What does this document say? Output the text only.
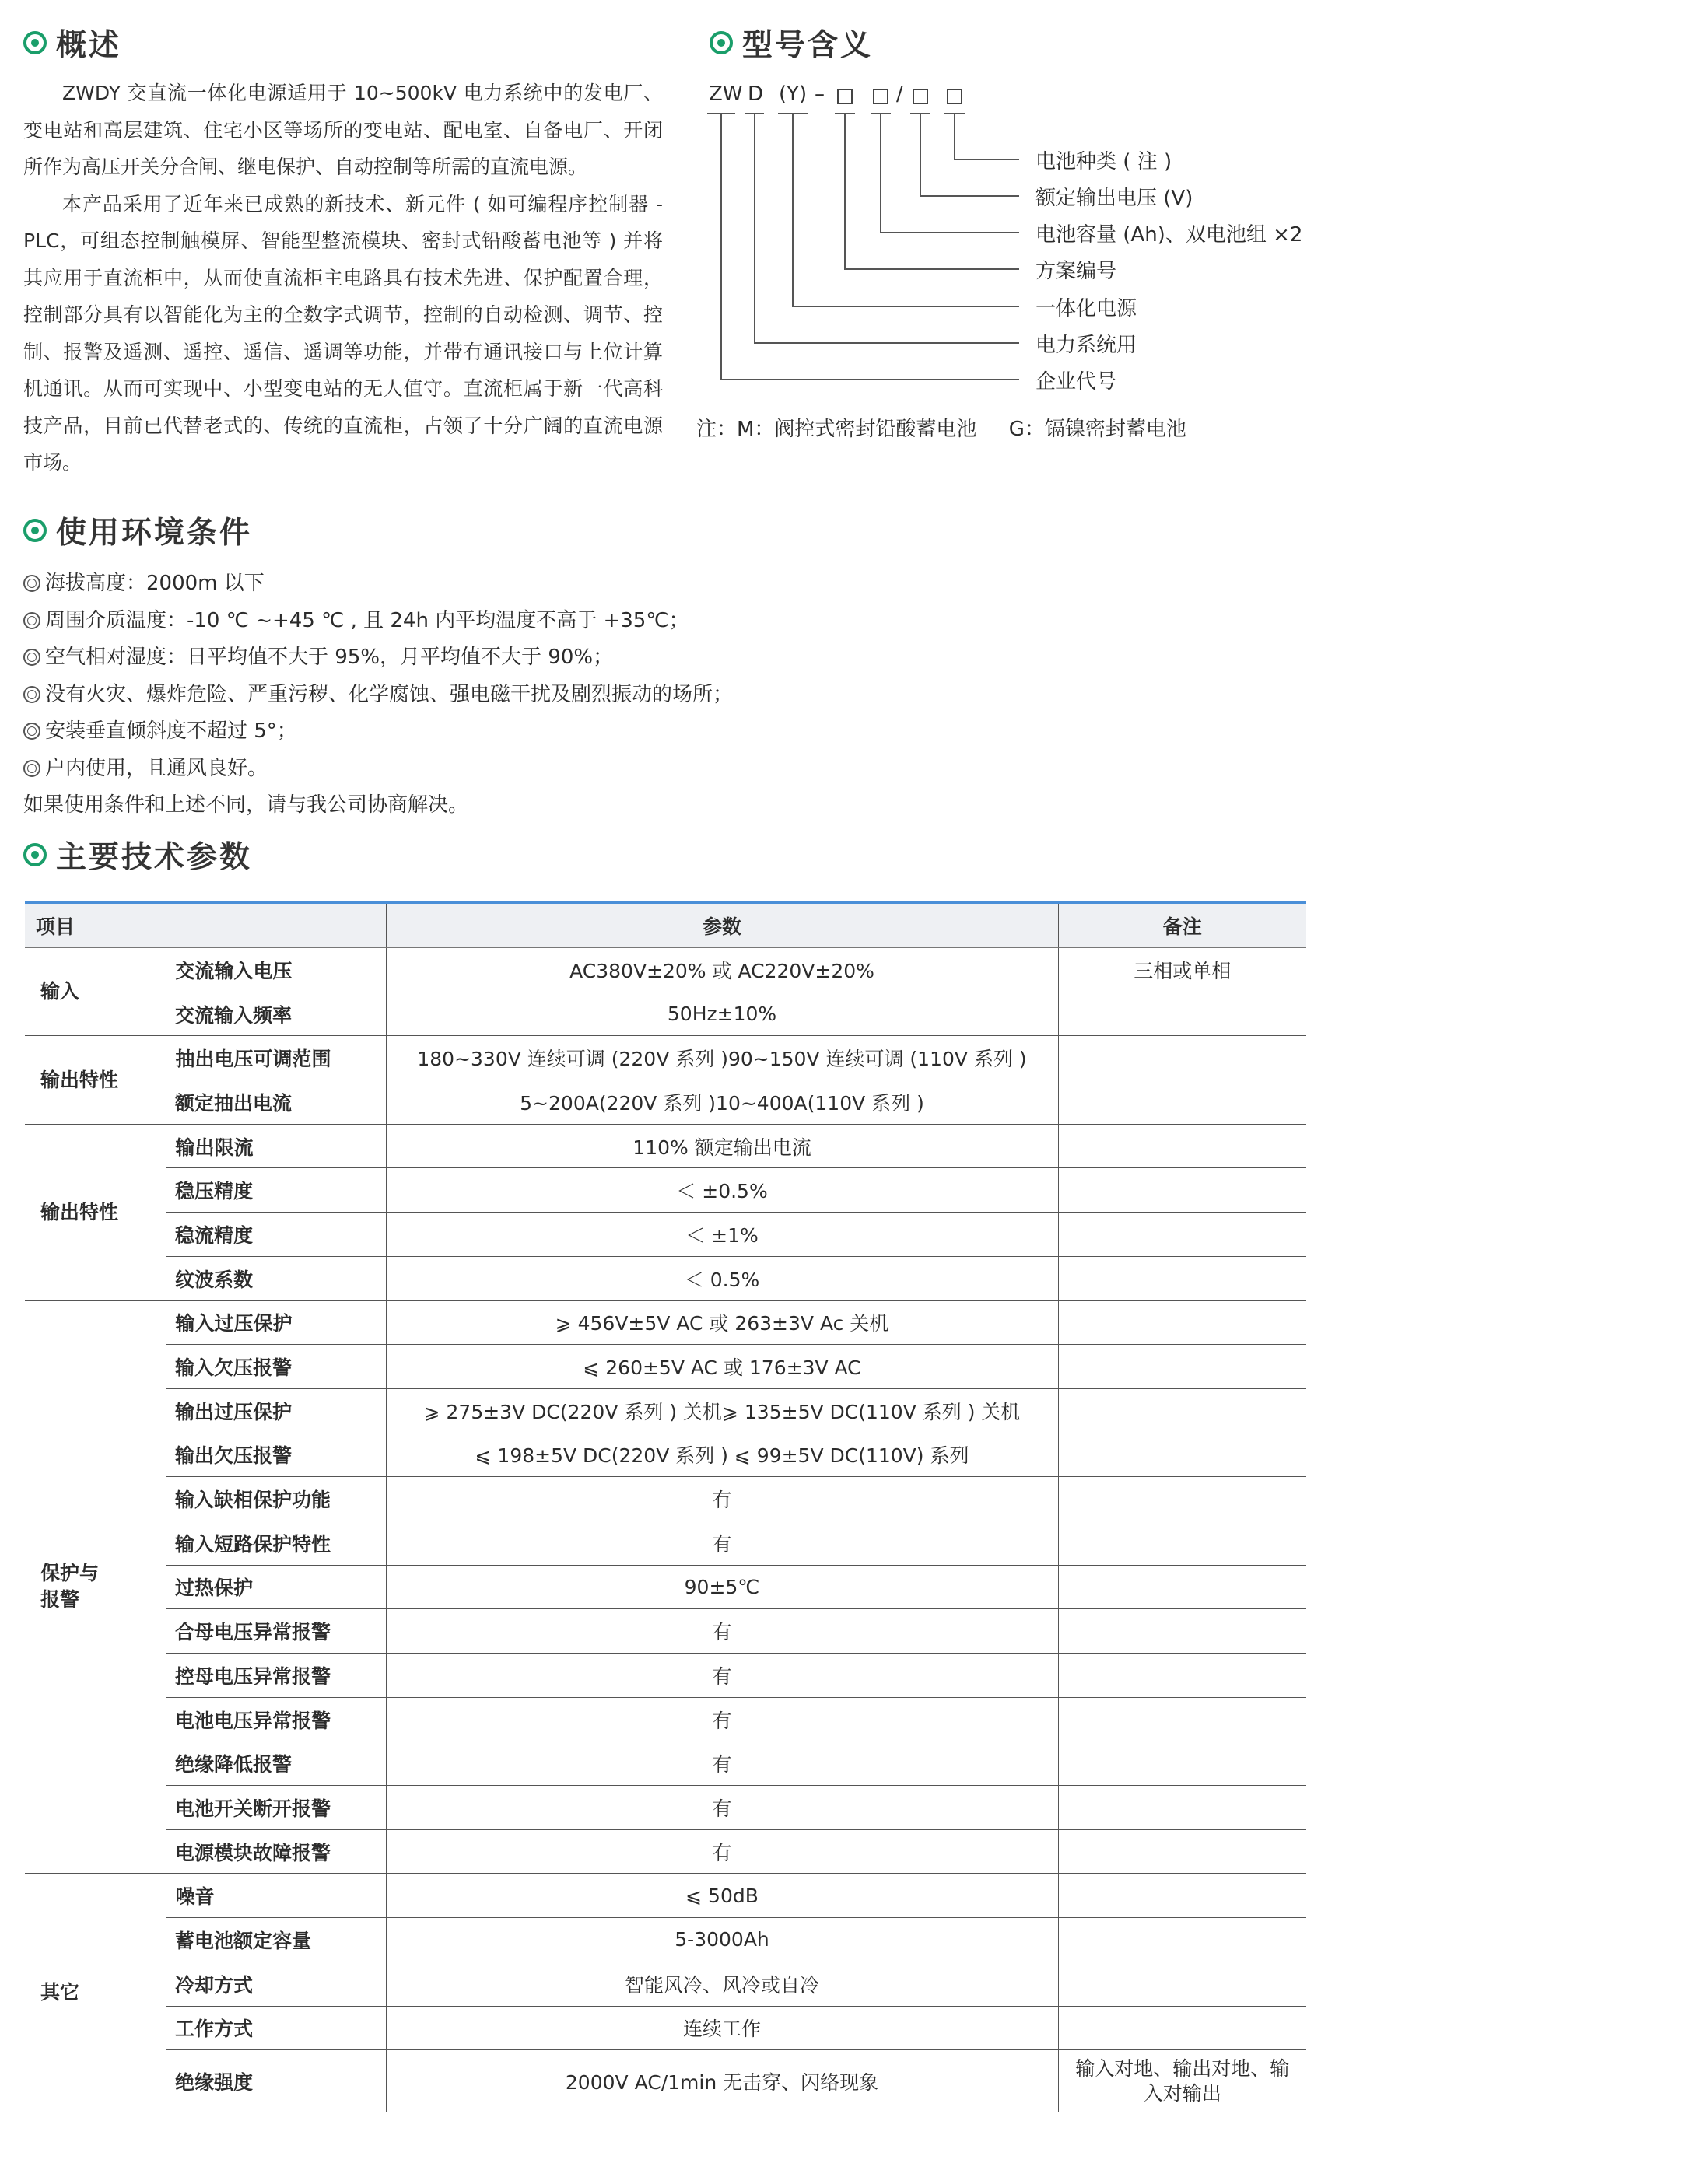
概述

ZWDY 交直流一体化电源适用于 10~500kV 电力系统中的发电厂、变电站和高层建筑、住宅小区等场所的变电站、配电室、自备电厂、开闭所作为高压开关分合闸、继电保护、自动控制等所需的直流电源。

本产品采用了近年来已成熟的新技术、新元件 ( 如可编程序控制器 -PLC，可组态控制触模屏、智能型整流模块、密封式铅酸蓄电池等 ) 并将其应用于直流柜中，从而使直流柜主电路具有技术先进、保护配置合理，控制部分具有以智能化为主的全数字式调节，控制的自动检测、调节、控制、报警及遥测、遥控、遥信、遥调等功能，并带有通讯接口与上位计算机通讯。从而可实现中、小型变电站的无人值守。直流柜属于新一代高科技产品，目前已代替老式的、传统的直流柜，占领了十分广阔的直流电源市场。

型号含义
ZW D (Y) –	/
电池种类 ( 注 )
额定输出电压 (V)
电池容量 (Ah)、双电池组 ×2
方案编号
一体化电源
电力系统用
企业代号
注：M：阀控式密封铅酸蓄电池     G：镉镍密封蓄电池
使用环境条件
海拔高度：2000m 以下
周围介质温度：-10 ℃ ~+45 ℃ , 且 24h 内平均温度不高于 +35℃；
空气相对湿度：日平均值不大于 95%，月平均值不大于 90%；
没有火灾、爆炸危险、严重污秽、化学腐蚀、强电磁干扰及剧烈振动的场所；
安装垂直倾斜度不超过 5°；
户内使用，且通风良好。
如果使用条件和上述不同，请与我公司协商解决。
主要技术参数
项目		参数	备注
输入	交流输入电压	AC380V±20% 或 AC220V±20%	三相或单相
	交流输入频率	50Hz±10%	
输出特性	抽出电压可调范围	180~330V 连续可调 (220V 系列 )90~150V 连续可调 (110V 系列 )	
	额定抽出电流	5~200A(220V 系列 )10~400A(110V 系列 )	
输出特性	输出限流	110% 额定输出电流	
	稳压精度	＜ ±0.5%	
	稳流精度	＜ ±1%	
	纹波系数	＜ 0.5%	
保护与
报警	输入过压保护	⩾ 456V±5V AC 或 263±3V Ac 关机	
	输入欠压报警	⩽ 260±5V AC 或 176±3V AC	
	输出过压保护	⩾ 275±3V DC(220V 系列 ) 关机⩾ 135±5V DC(110V 系列 ) 关机	
	输出欠压报警	⩽ 198±5V DC(220V 系列 ) ⩽ 99±5V DC(110V) 系列	
	输入缺相保护功能	有	
	输入短路保护特性	有	
	过热保护	90±5℃	
	合母电压异常报警	有	
	控母电压异常报警	有	
	电池电压异常报警	有	
	绝缘降低报警	有	
	电池开关断开报警	有	
	电源模块故障报警	有	
其它	噪音	⩽ 50dB	
	蓄电池额定容量	5-3000Ah	
	冷却方式	智能风冷、风冷或自冷	
	工作方式	连续工作	
	绝缘强度	2000V AC/1min 无击穿、闪络现象	输入对地、输出对地、输入对输出
